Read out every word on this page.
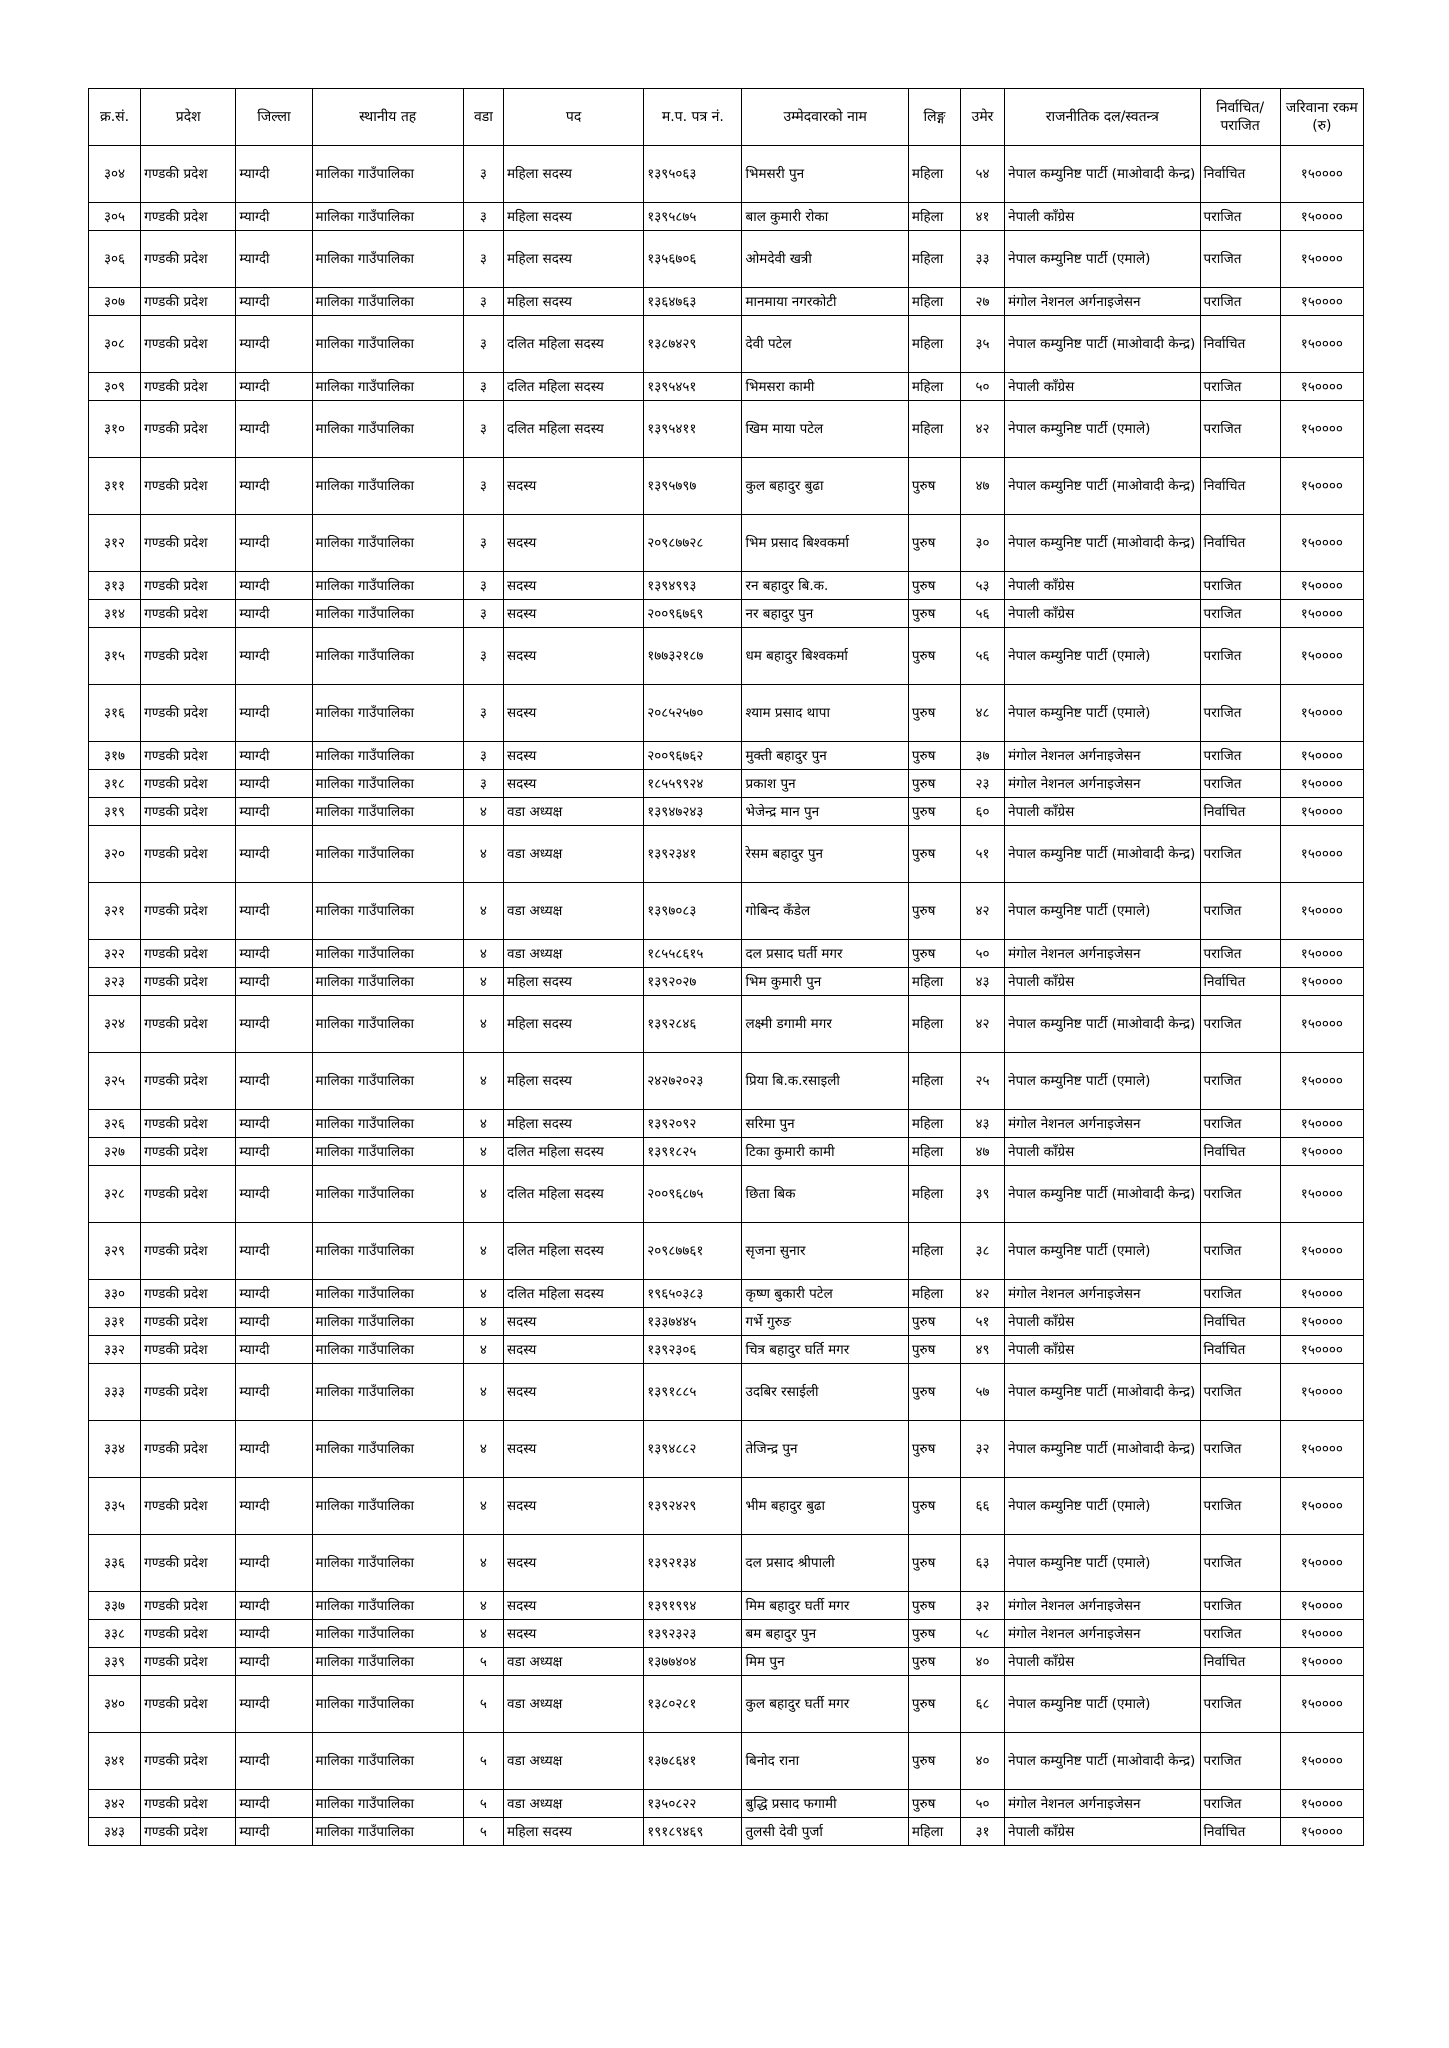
क्र.सं.	प्रदेश	जिल्ला	स्थानीय तह	वडा	पद	म.प. पत्र नं.	उम्मेदवारको नाम	लिङ्ग	उमेर	राजनीतिक दल/स्वतन्त्र	निर्वाचित/ पराजित	जरिवाना रकम (रु)
३०४	गण्डकी प्रदेश	म्याग्दी	मालिका गाउँपालिका	३	महिला सदस्य	१३९५०६३	भिमसरी पुन	महिला	५४	नेपाल कम्युनिष्ट पार्टी (माओवादी केन्द्र)	निर्वाचित	१५००००
३०५	गण्डकी प्रदेश	म्याग्दी	मालिका गाउँपालिका	३	महिला सदस्य	१३९५८७५	बाल कुमारी रोका	महिला	४१	नेपाली काँग्रेस	पराजित	१५००००
३०६	गण्डकी प्रदेश	म्याग्दी	मालिका गाउँपालिका	३	महिला सदस्य	१३५६७०६	ओमदेवी खत्री	महिला	३३	नेपाल कम्युनिष्ट पार्टी (एमाले)	पराजित	१५००००
३०७	गण्डकी प्रदेश	म्याग्दी	मालिका गाउँपालिका	३	महिला सदस्य	१३६४७६३	मानमाया नगरकोटी	महिला	२७	मंगोल नेशनल अर्गनाइजेसन	पराजित	१५००००
३०८	गण्डकी प्रदेश	म्याग्दी	मालिका गाउँपालिका	३	दलित महिला सदस्य	१३८७४२९	देवी पटेल	महिला	३५	नेपाल कम्युनिष्ट पार्टी (माओवादी केन्द्र)	निर्वाचित	१५००००
३०९	गण्डकी प्रदेश	म्याग्दी	मालिका गाउँपालिका	३	दलित महिला सदस्य	१३९५४५१	भिमसरा कामी	महिला	५०	नेपाली काँग्रेस	पराजित	१५००००
३१०	गण्डकी प्रदेश	म्याग्दी	मालिका गाउँपालिका	३	दलित महिला सदस्य	१३९५४११	खिम माया पटेल	महिला	४२	नेपाल कम्युनिष्ट पार्टी (एमाले)	पराजित	१५००००
३११	गण्डकी प्रदेश	म्याग्दी	मालिका गाउँपालिका	३	सदस्य	१३९५७९७	कुल बहादुर बुढा	पुरुष	४७	नेपाल कम्युनिष्ट पार्टी (माओवादी केन्द्र)	निर्वाचित	१५००००
३१२	गण्डकी प्रदेश	म्याग्दी	मालिका गाउँपालिका	३	सदस्य	२०९८७७२८	भिम प्रसाद बिश्वकर्मा	पुरुष	३०	नेपाल कम्युनिष्ट पार्टी (माओवादी केन्द्र)	निर्वाचित	१५००००
३१३	गण्डकी प्रदेश	म्याग्दी	मालिका गाउँपालिका	३	सदस्य	१३९४९९३	रन बहादुर बि.क.	पुरुष	५३	नेपाली काँग्रेस	पराजित	१५००००
३१४	गण्डकी प्रदेश	म्याग्दी	मालिका गाउँपालिका	३	सदस्य	२००९६७६९	नर बहादुर पुन	पुरुष	५६	नेपाली काँग्रेस	पराजित	१५००००
३१५	गण्डकी प्रदेश	म्याग्दी	मालिका गाउँपालिका	३	सदस्य	१७७३२१८७	धम बहादुर बिश्वकर्मा	पुरुष	५६	नेपाल कम्युनिष्ट पार्टी (एमाले)	पराजित	१५००००
३१६	गण्डकी प्रदेश	म्याग्दी	मालिका गाउँपालिका	३	सदस्य	२०८५२५७०	श्याम प्रसाद थापा	पुरुष	४८	नेपाल कम्युनिष्ट पार्टी (एमाले)	पराजित	१५००००
३१७	गण्डकी प्रदेश	म्याग्दी	मालिका गाउँपालिका	३	सदस्य	२००९६७६२	मुक्ती बहादुर पुन	पुरुष	३७	मंगोल नेशनल अर्गनाइजेसन	पराजित	१५००००
३१८	गण्डकी प्रदेश	म्याग्दी	मालिका गाउँपालिका	३	सदस्य	१८५५९९२४	प्रकाश पुन	पुरुष	२३	मंगोल नेशनल अर्गनाइजेसन	पराजित	१५००००
३१९	गण्डकी प्रदेश	म्याग्दी	मालिका गाउँपालिका	४	वडा अध्यक्ष	१३९४७२४३	भेजेन्द्र मान पुन	पुरुष	६०	नेपाली काँग्रेस	निर्वाचित	१५००००
३२०	गण्डकी प्रदेश	म्याग्दी	मालिका गाउँपालिका	४	वडा अध्यक्ष	१३९२३४१	रेसम बहादुर पुन	पुरुष	५१	नेपाल कम्युनिष्ट पार्टी (माओवादी केन्द्र)	पराजित	१५००००
३२१	गण्डकी प्रदेश	म्याग्दी	मालिका गाउँपालिका	४	वडा अध्यक्ष	१३९७०८३	गोबिन्द कँडेल	पुरुष	४२	नेपाल कम्युनिष्ट पार्टी (एमाले)	पराजित	१५००००
३२२	गण्डकी प्रदेश	म्याग्दी	मालिका गाउँपालिका	४	वडा अध्यक्ष	१८५५८६१५	दल प्रसाद घर्ती मगर	पुरुष	५०	मंगोल नेशनल अर्गनाइजेसन	पराजित	१५००००
३२३	गण्डकी प्रदेश	म्याग्दी	मालिका गाउँपालिका	४	महिला सदस्य	१३९२०२७	भिम कुमारी पुन	महिला	४३	नेपाली काँग्रेस	निर्वाचित	१५००००
३२४	गण्डकी प्रदेश	म्याग्दी	मालिका गाउँपालिका	४	महिला सदस्य	१३९२८४६	लक्ष्मी डगामी मगर	महिला	४२	नेपाल कम्युनिष्ट पार्टी (माओवादी केन्द्र)	पराजित	१५००००
३२५	गण्डकी प्रदेश	म्याग्दी	मालिका गाउँपालिका	४	महिला सदस्य	२४२७२०२३	प्रिया बि.क.रसाइली	महिला	२५	नेपाल कम्युनिष्ट पार्टी (एमाले)	पराजित	१५००००
३२६	गण्डकी प्रदेश	म्याग्दी	मालिका गाउँपालिका	४	महिला सदस्य	१३९२०९२	सरिमा पुन	महिला	४३	मंगोल नेशनल अर्गनाइजेसन	पराजित	१५००००
३२७	गण्डकी प्रदेश	म्याग्दी	मालिका गाउँपालिका	४	दलित महिला सदस्य	१३९१८२५	टिका कुमारी कामी	महिला	४७	नेपाली काँग्रेस	निर्वाचित	१५००००
३२८	गण्डकी प्रदेश	म्याग्दी	मालिका गाउँपालिका	४	दलित महिला सदस्य	२००९६८७५	छिता बिक	महिला	३९	नेपाल कम्युनिष्ट पार्टी (माओवादी केन्द्र)	पराजित	१५००००
३२९	गण्डकी प्रदेश	म्याग्दी	मालिका गाउँपालिका	४	दलित महिला सदस्य	२०९८७७६१	सृजना सुनार	महिला	३८	नेपाल कम्युनिष्ट पार्टी (एमाले)	पराजित	१५००००
३३०	गण्डकी प्रदेश	म्याग्दी	मालिका गाउँपालिका	४	दलित महिला सदस्य	१९६५०३८३	कृष्ण बुकारी पटेल	महिला	४२	मंगोल नेशनल अर्गनाइजेसन	पराजित	१५००००
३३१	गण्डकी प्रदेश	म्याग्दी	मालिका गाउँपालिका	४	सदस्य	१३३७४४५	गर्भे गुरुङ	पुरुष	५१	नेपाली काँग्रेस	निर्वाचित	१५००००
३३२	गण्डकी प्रदेश	म्याग्दी	मालिका गाउँपालिका	४	सदस्य	१३९२३०६	चित्र बहादुर घर्ति मगर	पुरुष	४९	नेपाली काँग्रेस	निर्वाचित	१५००००
३३३	गण्डकी प्रदेश	म्याग्दी	मालिका गाउँपालिका	४	सदस्य	१३९१८८५	उदबिर रसाईली	पुरुष	५७	नेपाल कम्युनिष्ट पार्टी (माओवादी केन्द्र)	पराजित	१५००००
३३४	गण्डकी प्रदेश	म्याग्दी	मालिका गाउँपालिका	४	सदस्य	१३९४८८२	तेजिन्द्र पुन	पुरुष	३२	नेपाल कम्युनिष्ट पार्टी (माओवादी केन्द्र)	पराजित	१५००००
३३५	गण्डकी प्रदेश	म्याग्दी	मालिका गाउँपालिका	४	सदस्य	१३९२४२९	भीम बहादुर बुढा	पुरुष	६६	नेपाल कम्युनिष्ट पार्टी (एमाले)	पराजित	१५००००
३३६	गण्डकी प्रदेश	म्याग्दी	मालिका गाउँपालिका	४	सदस्य	१३९२१३४	दल प्रसाद श्रीपाली	पुरुष	६३	नेपाल कम्युनिष्ट पार्टी (एमाले)	पराजित	१५००००
३३७	गण्डकी प्रदेश	म्याग्दी	मालिका गाउँपालिका	४	सदस्य	१३९१९९४	मिम बहादुर घर्ती मगर	पुरुष	३२	मंगोल नेशनल अर्गनाइजेसन	पराजित	१५००००
३३८	गण्डकी प्रदेश	म्याग्दी	मालिका गाउँपालिका	४	सदस्य	१३९२३२३	बम बहादुर पुन	पुरुष	५८	मंगोल नेशनल अर्गनाइजेसन	पराजित	१५००००
३३९	गण्डकी प्रदेश	म्याग्दी	मालिका गाउँपालिका	५	वडा अध्यक्ष	१३७७४०४	मिम पुन	पुरुष	४०	नेपाली काँग्रेस	निर्वाचित	१५००००
३४०	गण्डकी प्रदेश	म्याग्दी	मालिका गाउँपालिका	५	वडा अध्यक्ष	१३८०२८१	कुल बहादुर घर्ती मगर	पुरुष	६८	नेपाल कम्युनिष्ट पार्टी (एमाले)	पराजित	१५००००
३४१	गण्डकी प्रदेश	म्याग्दी	मालिका गाउँपालिका	५	वडा अध्यक्ष	१३७८६४१	बिनोद राना	पुरुष	४०	नेपाल कम्युनिष्ट पार्टी (माओवादी केन्द्र)	पराजित	१५००००
३४२	गण्डकी प्रदेश	म्याग्दी	मालिका गाउँपालिका	५	वडा अध्यक्ष	१३५०८२२	बुद्धि प्रसाद फगामी	पुरुष	५०	मंगोल नेशनल अर्गनाइजेसन	पराजित	१५००००
३४३	गण्डकी प्रदेश	म्याग्दी	मालिका गाउँपालिका	५	महिला सदस्य	१९१८९४६९	तुलसी देवी पुर्जा	महिला	३१	नेपाली काँग्रेस	निर्वाचित	१५००००
